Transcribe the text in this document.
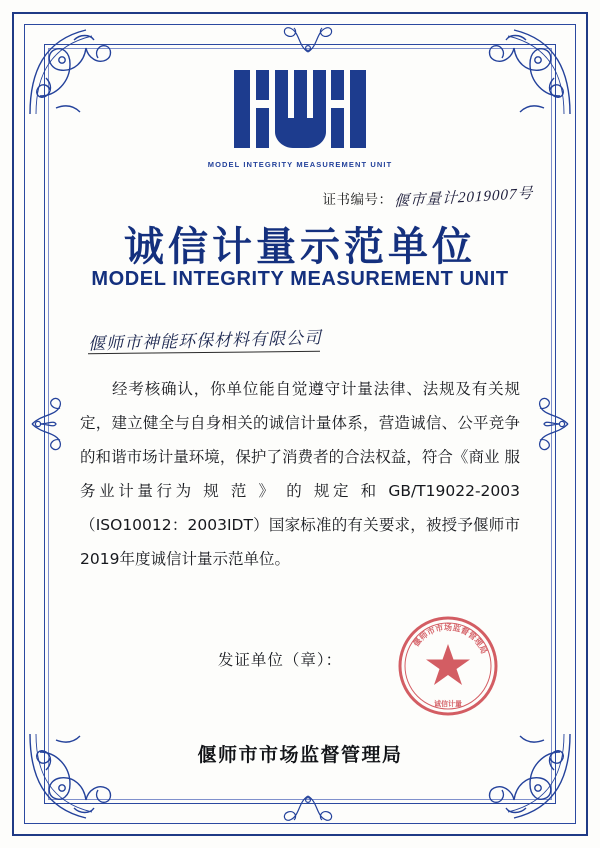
MODEL INTEGRITY MEASUREMENT UNIT
证书编号： 偃市量计2019007号
诚信计量示范单位
MODEL INTEGRITY MEASUREMENT UNIT
偃师市神能环保材料有限公司
经考核确认，你单位能自觉遵守计量法律、法规及有关规定，建立健全与自身相关的诚信计量体系，营造诚信、公平竞争的和谐市场计量环境，保护了消费者的合法权益，符合《商业 服务业计量行为 规 范 》 的 规定 和 GB/T19022-2003（ISO10012：2003IDT）国家标准的有关要求，被授予偃师市2019年度诚信计量示范单位。
发证单位（章）：
偃
师
市
市 场 监
督
管
理
局
诚信计量
偃师市市场监督管理局
